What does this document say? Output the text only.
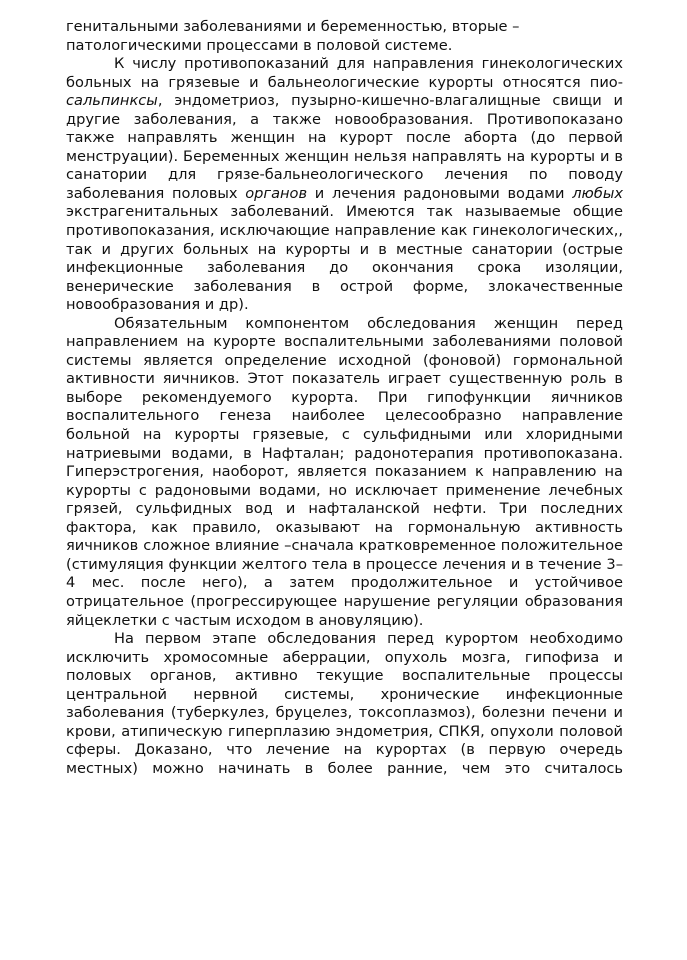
генитальными заболеваниями и беременностью, вторые –
патологическими процессами в половой системе.

К числу противопоказаний для направления гинекологических больных на грязевые и бальнеологические курорты относятся пио-сальпинксы, эндометриоз, пузырно-кишечно-влагалищные свищи и другие заболевания, а также новообразования. Противопоказано также направлять женщин на курорт после аборта (до первой менструации). Беременных женщин нельзя направлять на курорты и в санатории для грязе-бальнеологического лечения по поводу заболевания половых органов и лечения радоновыми водами любых экстрагенитальных заболеваний. Имеются так называемые общие противопоказания, исключающие направление как гинекологических,, так и других больных на курорты и в местные санатории (острые инфекционные заболевания до окончания срока изоляции, венерические заболевания в острой форме, злокачественные новообразования и др).

Обязательным компонентом обследования женщин перед направлением на курорте воспалительными заболеваниями половой системы является определение исходной (фоновой) гормональной активности яичников. Этот показатель играет существенную роль в выборе рекомендуемого курорта. При гипофункции яичников воспалительного генеза наиболее целесообразно направление больной на курорты грязевые, с сульфидными или хлоридными натриевыми водами, в Нафталан; радонотерапия противопоказана. Гиперэстрогения, наоборот, является показанием к направлению на курорты с радоновыми водами, но исключает применение лечебных грязей, сульфидных вод и нафталанской нефти. Три последних фактора, как правило, оказывают на гормональную активность яичников сложное влияние –сначала кратковременное положительное (стимуляция функции желтого тела в процессе лечения и в течение 3–4 мес. после него), а затем продолжительное и устойчивое отрицательное (прогрессирующее нарушение регуляции образования яйцеклетки с частым исходом в ановуляцию).

На первом этапе обследования перед курортом необходимо исключить хромосомные аберрации, опухоль мозга, гипофиза и половых органов, активно текущие воспалительные процессы центральной нервной системы, хронические инфекционные заболевания (туберкулез, бруцелез, токсоплазмоз), болезни печени и крови, атипическую гиперплазию эндометрия, СПКЯ, опухоли половой сферы. Доказано, что лечение на курортах (в первую очередь местных) можно начинать в более ранние, чем это считалось
